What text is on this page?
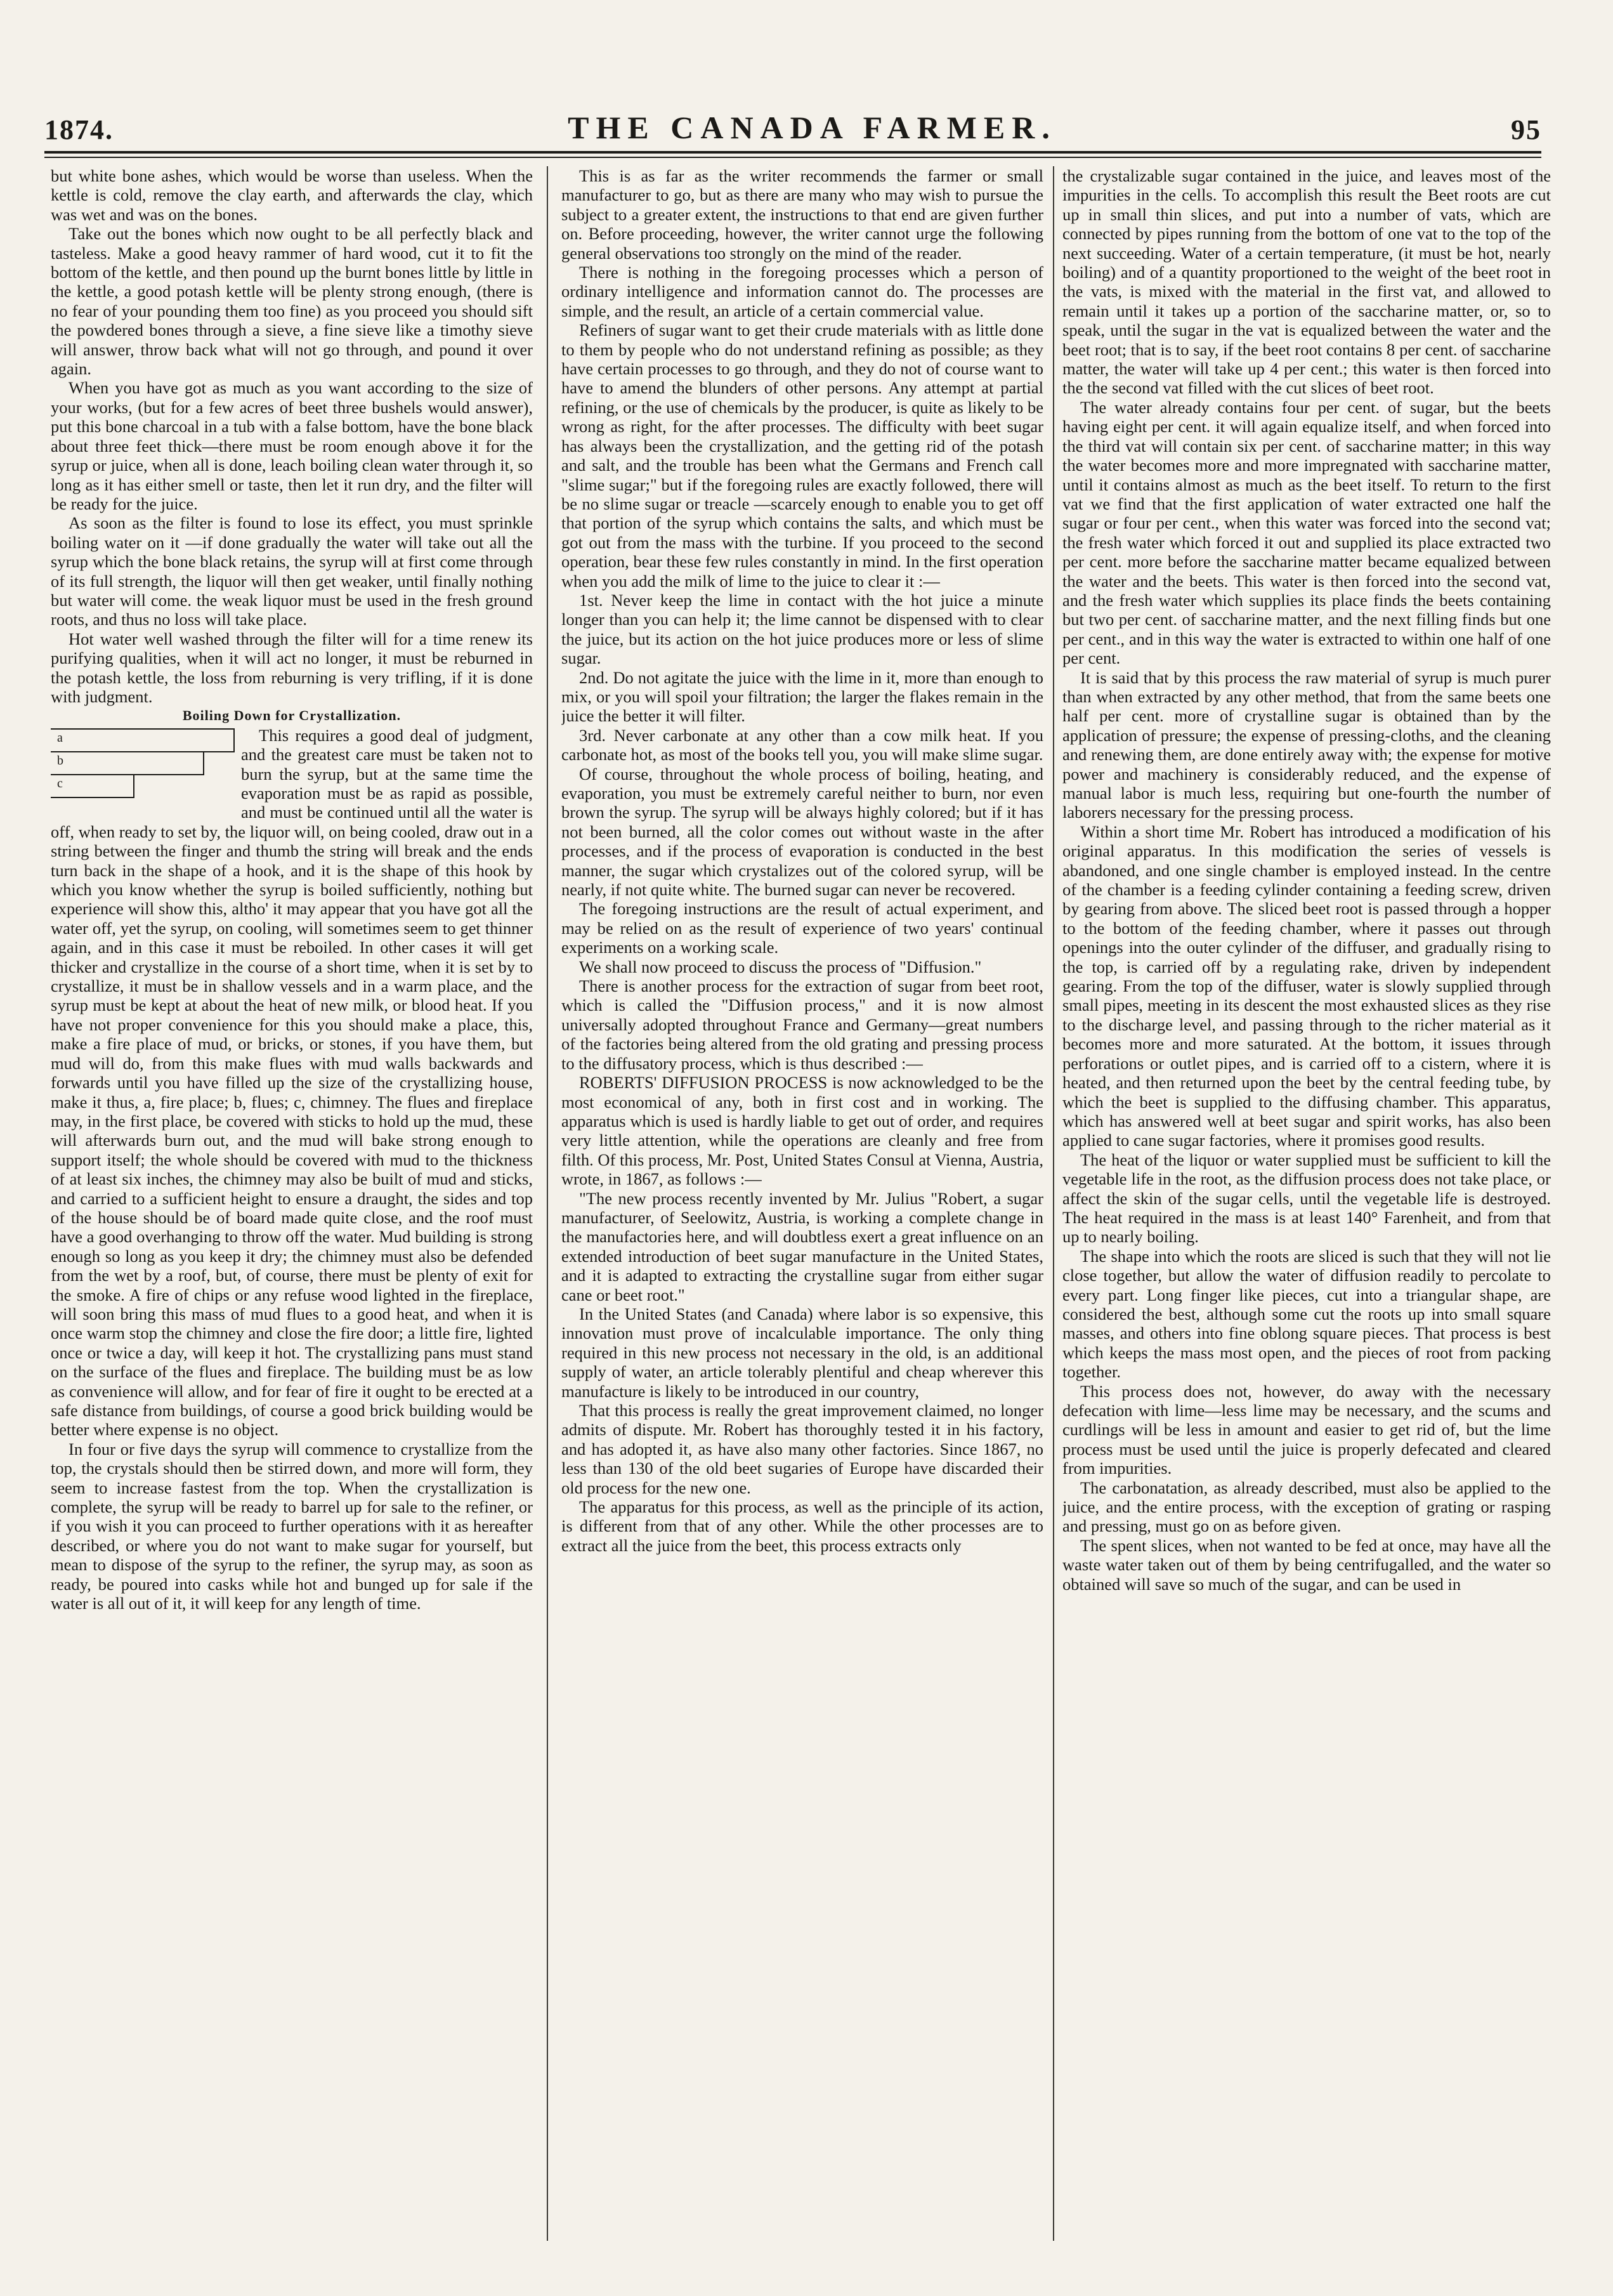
1874.	THE CANADA FARMER.	95

but white bone ashes, which would be worse than useless. When the kettle is cold, remove the clay earth, and afterwards the clay, which was wet and was on the bones.

Take out the bones which now ought to be all perfectly black and tasteless. Make a good heavy rammer of hard wood, cut it to fit the bottom of the kettle, and then pound up the burnt bones little by little in the kettle, a good potash kettle will be plenty strong enough, (there is no fear of your pounding them too fine) as you proceed you should sift the powdered bones through a sieve, a fine sieve like a timothy sieve will answer, throw back what will not go through, and pound it over again.

When you have got as much as you want according to the size of your works, (but for a few acres of beet three bushels would answer), put this bone charcoal in a tub with a false bottom, have the bone black about three feet thick—there must be room enough above it for the syrup or juice, when all is done, leach boiling clean water through it, so long as it has either smell or taste, then let it run dry, and the filter will be ready for the juice.

As soon as the filter is found to lose its effect, you must sprinkle boiling water on it —if done gradually the water will take out all the syrup which the bone black retains, the syrup will at first come through of its full strength, the liquor will then get weaker, until finally nothing but water will come. the weak liquor must be used in the fresh ground roots, and thus no loss will take place.

Hot water well washed through the filter will for a time renew its purifying qualities, when it will act no longer, it must be reburned in the potash kettle, the loss from reburning is very trifling, if it is done with judgment.

Boiling Down for Crystallization.

a
b
c

This requires a good deal of judgment, and the greatest care must be taken not to burn the syrup, but at the same time the evaporation must be as rapid as possible, and must be continued until all the water is off, when ready to set by, the liquor will, on being cooled, draw out in a string between the finger and thumb the string will break and the ends turn back in the shape of a hook, and it is the shape of this hook by which you know whether the syrup is boiled sufficiently, nothing but experience will show this, altho' it may appear that you have got all the water off, yet the syrup, on cooling, will sometimes seem to get thinner again, and in this case it must be reboiled. In other cases it will get thicker and crystallize in the course of a short time, when it is set by to crystallize, it must be in shallow vessels and in a warm place, and the syrup must be kept at about the heat of new milk, or blood heat. If you have not proper convenience for this you should make a place, this, make a fire place of mud, or bricks, or stones, if you have them, but mud will do, from this make flues with mud walls backwards and forwards until you have filled up the size of the crystallizing house, make it thus, a, fire place; b, flues; c, chimney. The flues and fireplace may, in the first place, be covered with sticks to hold up the mud, these will afterwards burn out, and the mud will bake strong enough to support itself; the whole should be covered with mud to the thickness of at least six inches, the chimney may also be built of mud and sticks, and carried to a sufficient height to ensure a draught, the sides and top of the house should be of board made quite close, and the roof must have a good overhanging to throw off the water. Mud building is strong enough so long as you keep it dry; the chimney must also be defended from the wet by a roof, but, of course, there must be plenty of exit for the smoke. A fire of chips or any refuse wood lighted in the fireplace, will soon bring this mass of mud flues to a good heat, and when it is once warm stop the chimney and close the fire door; a little fire, lighted once or twice a day, will keep it hot. The crystallizing pans must stand on the surface of the flues and fireplace. The building must be as low as convenience will allow, and for fear of fire it ought to be erected at a safe distance from buildings, of course a good brick building would be better where expense is no object.

In four or five days the syrup will commence to crystallize from the top, the crystals should then be stirred down, and more will form, they seem to increase fastest from the top. When the crystallization is complete, the syrup will be ready to barrel up for sale to the refiner, or if you wish it you can proceed to further operations with it as hereafter described, or where you do not want to make sugar for yourself, but mean to dispose of the syrup to the refiner, the syrup may, as soon as ready, be poured into casks while hot and bunged up for sale if the water is all out of it, it will keep for any length of time.

This is as far as the writer recommends the farmer or small manufacturer to go, but as there are many who may wish to pursue the subject to a greater extent, the instructions to that end are given further on. Before proceeding, however, the writer cannot urge the following general observations too strongly on the mind of the reader.

There is nothing in the foregoing processes which a person of ordinary intelligence and information cannot do. The processes are simple, and the result, an article of a certain commercial value.

Refiners of sugar want to get their crude materials with as little done to them by people who do not understand refining as possible; as they have certain processes to go through, and they do not of course want to have to amend the blunders of other persons. Any attempt at partial refining, or the use of chemicals by the producer, is quite as likely to be wrong as right, for the after processes. The difficulty with beet sugar has always been the crystallization, and the getting rid of the potash and salt, and the trouble has been what the Germans and French call "slime sugar;" but if the foregoing rules are exactly followed, there will be no slime sugar or treacle —scarcely enough to enable you to get off that portion of the syrup which contains the salts, and which must be got out from the mass with the turbine. If you proceed to the second operation, bear these few rules constantly in mind. In the first operation when you add the milk of lime to the juice to clear it :—

1st. Never keep the lime in contact with the hot juice a minute longer than you can help it; the lime cannot be dispensed with to clear the juice, but its action on the hot juice produces more or less of slime sugar.

2nd. Do not agitate the juice with the lime in it, more than enough to mix, or you will spoil your filtration; the larger the flakes remain in the juice the better it will filter.

3rd. Never carbonate at any other than a cow milk heat. If you carbonate hot, as most of the books tell you, you will make slime sugar.

Of course, throughout the whole process of boiling, heating, and evaporation, you must be extremely careful neither to burn, nor even brown the syrup. The syrup will be always highly colored; but if it has not been burned, all the color comes out without waste in the after processes, and if the process of evaporation is conducted in the best manner, the sugar which crystalizes out of the colored syrup, will be nearly, if not quite white. The burned sugar can never be recovered.

The foregoing instructions are the result of actual experiment, and may be relied on as the result of experience of two years' continual experiments on a working scale.

We shall now proceed to discuss the process of "Diffusion."

There is another process for the extraction of sugar from beet root, which is called the "Diffusion process," and it is now almost universally adopted throughout France and Germany—great numbers of the factories being altered from the old grating and pressing process to the diffusatory process, which is thus described :—

ROBERTS' DIFFUSION PROCESS is now acknowledged to be the most economical of any, both in first cost and in working. The apparatus which is used is hardly liable to get out of order, and requires very little attention, while the operations are cleanly and free from filth. Of this process, Mr. Post, United States Consul at Vienna, Austria, wrote, in 1867, as follows :—

"The new process recently invented by Mr. Julius "Robert, a sugar manufacturer, of Seelowitz, Austria, is working a complete change in the manufactories here, and will doubtless exert a great influence on an extended introduction of beet sugar manufacture in the United States, and it is adapted to extracting the crystalline sugar from either sugar cane or beet root."

In the United States (and Canada) where labor is so expensive, this innovation must prove of incalculable importance. The only thing required in this new process not necessary in the old, is an additional supply of water, an article tolerably plentiful and cheap wherever this manufacture is likely to be introduced in our country,

That this process is really the great improvement claimed, no longer admits of dispute. Mr. Robert has thoroughly tested it in his factory, and has adopted it, as have also many other factories. Since 1867, no less than 130 of the old beet sugaries of Europe have discarded their old process for the new one.

The apparatus for this process, as well as the principle of its action, is different from that of any other. While the other processes are to extract all the juice from the beet, this process extracts only

the crystalizable sugar contained in the juice, and leaves most of the impurities in the cells. To accomplish this result the Beet roots are cut up in small thin slices, and put into a number of vats, which are connected by pipes running from the bottom of one vat to the top of the next succeeding. Water of a certain temperature, (it must be hot, nearly boiling) and of a quantity proportioned to the weight of the beet root in the vats, is mixed with the material in the first vat, and allowed to remain until it takes up a portion of the saccharine matter, or, so to speak, until the sugar in the vat is equalized between the water and the beet root; that is to say, if the beet root contains 8 per cent. of saccharine matter, the water will take up 4 per cent.; this water is then forced into the the second vat filled with the cut slices of beet root.

The water already contains four per cent. of sugar, but the beets having eight per cent. it will again equalize itself, and when forced into the third vat will contain six per cent. of saccharine matter; in this way the water becomes more and more impregnated with saccharine matter, until it contains almost as much as the beet itself. To return to the first vat we find that the first application of water extracted one half the sugar or four per cent., when this water was forced into the second vat; the fresh water which forced it out and supplied its place extracted two per cent. more before the saccharine matter became equalized between the water and the beets. This water is then forced into the second vat, and the fresh water which supplies its place finds the beets containing but two per cent. of saccharine matter, and the next filling finds but one per cent., and in this way the water is extracted to within one half of one per cent.

It is said that by this process the raw material of syrup is much purer than when extracted by any other method, that from the same beets one half per cent. more of crystalline sugar is obtained than by the application of pressure; the expense of pressing-cloths, and the cleaning and renewing them, are done entirely away with; the expense for motive power and machinery is considerably reduced, and the expense of manual labor is much less, requiring but one-fourth the number of laborers necessary for the pressing process.

Within a short time Mr. Robert has introduced a modification of his original apparatus. In this modification the series of vessels is abandoned, and one single chamber is employed instead. In the centre of the chamber is a feeding cylinder containing a feeding screw, driven by gearing from above. The sliced beet root is passed through a hopper to the bottom of the feeding chamber, where it passes out through openings into the outer cylinder of the diffuser, and gradually rising to the top, is carried off by a regulating rake, driven by independent gearing. From the top of the diffuser, water is slowly supplied through small pipes, meeting in its descent the most exhausted slices as they rise to the discharge level, and passing through to the richer material as it becomes more and more saturated. At the bottom, it issues through perforations or outlet pipes, and is carried off to a cistern, where it is heated, and then returned upon the beet by the central feeding tube, by which the beet is supplied to the diffusing chamber. This apparatus, which has answered well at beet sugar and spirit works, has also been applied to cane sugar factories, where it promises good results.

The heat of the liquor or water supplied must be sufficient to kill the vegetable life in the root, as the diffusion process does not take place, or affect the skin of the sugar cells, until the vegetable life is destroyed. The heat required in the mass is at least 140° Farenheit, and from that up to nearly boiling.

The shape into which the roots are sliced is such that they will not lie close together, but allow the water of diffusion readily to percolate to every part. Long finger like pieces, cut into a triangular shape, are considered the best, although some cut the roots up into small square masses, and others into fine oblong square pieces. That process is best which keeps the mass most open, and the pieces of root from packing together.

This process does not, however, do away with the necessary defecation with lime—less lime may be necessary, and the scums and curdlings will be less in amount and easier to get rid of, but the lime process must be used until the juice is properly defecated and cleared from impurities.

The carbonatation, as already described, must also be applied to the juice, and the entire process, with the exception of grating or rasping and pressing, must go on as before given.

The spent slices, when not wanted to be fed at once, may have all the waste water taken out of them by being centrifugalled, and the water so obtained will save so much of the sugar, and can be used in
